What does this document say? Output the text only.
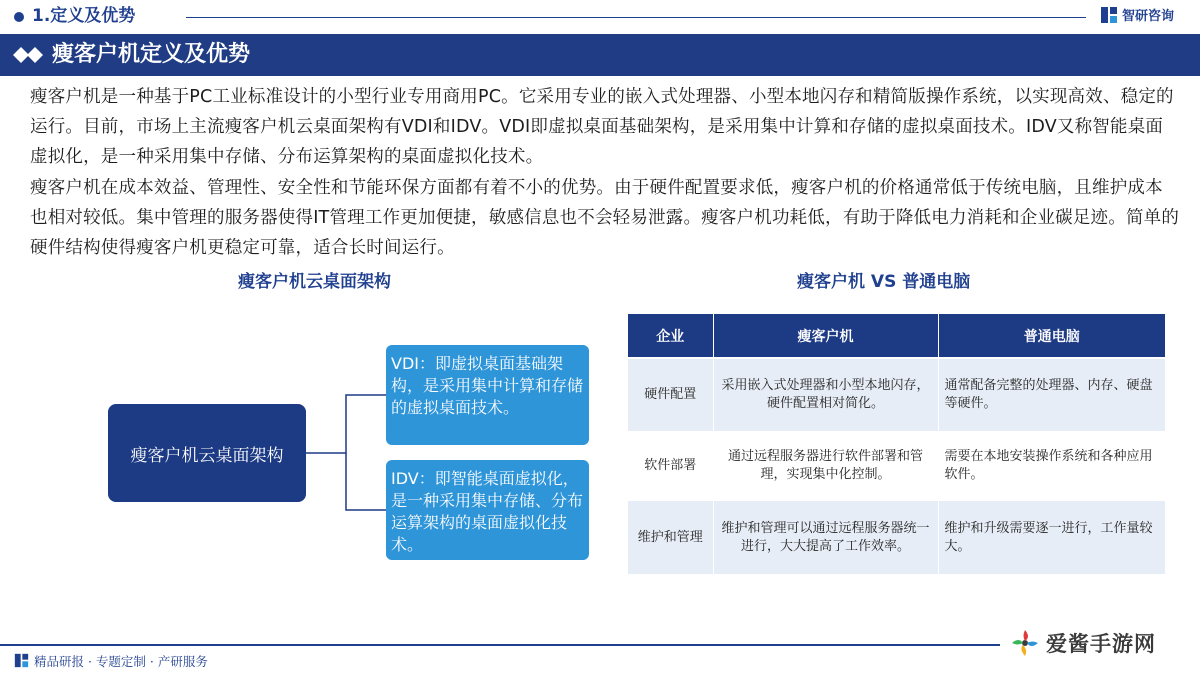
1.定义及优势	智研咨询
瘦客户机定义及优势

瘦客户机是一种基于PC工业标准设计的小型行业专用商用PC。它采用专业的嵌入式处理器、小型本地闪存和精简版操作系统，以实现高效、稳定的运行。目前，市场上主流瘦客户机云桌面架构有VDI和IDV。VDI即虚拟桌面基础架构，是采用集中计算和存储的虚拟桌面技术。IDV又称智能桌面虚拟化，是一种采用集中存储、分布运算架构的桌面虚拟化技术。

瘦客户机在成本效益、管理性、安全性和节能环保方面都有着不小的优势。由于硬件配置要求低，瘦客户机的价格通常低于传统电脑，且维护成本也相对较低。集中管理的服务器使得IT管理工作更加便捷，敏感信息也不会轻易泄露。瘦客户机功耗低，有助于降低电力消耗和企业碳足迹。简单的硬件结构使得瘦客户机更稳定可靠，适合长时间运行。

瘦客户机云桌面架构	瘦客户机 VS 普通电脑
瘦客户机云桌面架构
VDI：即虚拟桌面基础架构，是采用集中计算和存储的虚拟桌面技术。
IDV：即智能桌面虚拟化，是一种采用集中存储、分布运算架构的桌面虚拟化技术。
企业	瘦客户机	普通电脑
硬件配置	采用嵌入式处理器和小型本地闪存，硬件配置相对简化。	通常配备完整的处理器、内存、硬盘等硬件。
软件部署	通过远程服务器进行软件部署和管理，实现集中化控制。	需要在本地安装操作系统和各种应用软件。
维护和管理	维护和管理可以通过远程服务器统一进行，大大提高了工作效率。	维护和升级需要逐一进行，工作量较大。
精品研报 · 专题定制 · 产研服务
爱酱手游网
